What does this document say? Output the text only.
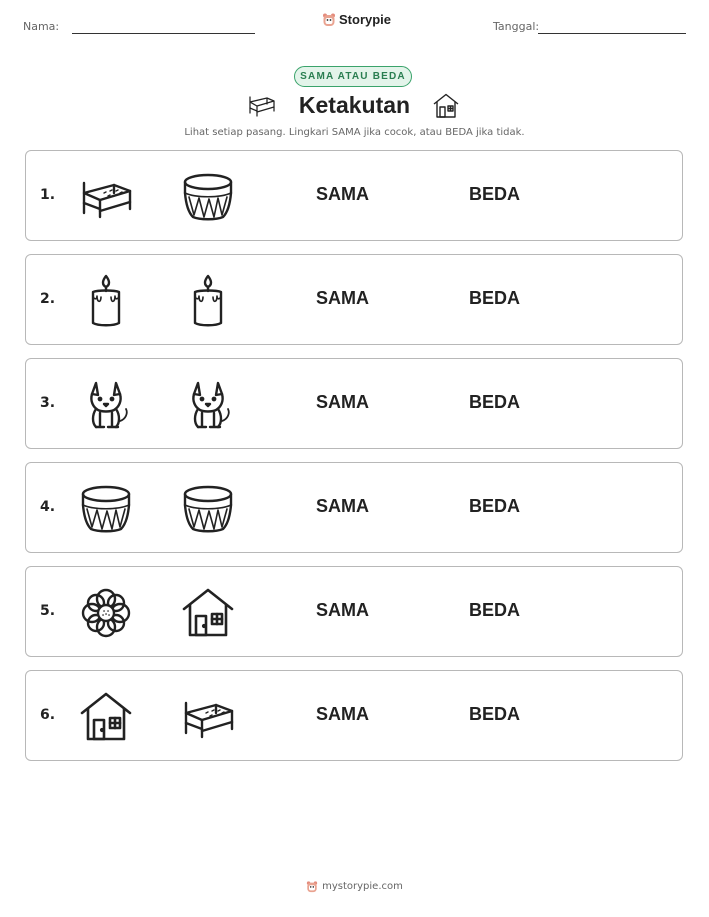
Nama:	Storypie	Tanggal:
SAMA ATAU BEDA
Ketakutan
Lihat setiap pasang. Lingkari SAMA jika cocok, atau BEDA jika tidak.
1.	SAMA	BEDA
2.	SAMA	BEDA
3.	SAMA	BEDA
4.	SAMA	BEDA
5.	SAMA	BEDA
6.	SAMA	BEDA
mystorypie.com
